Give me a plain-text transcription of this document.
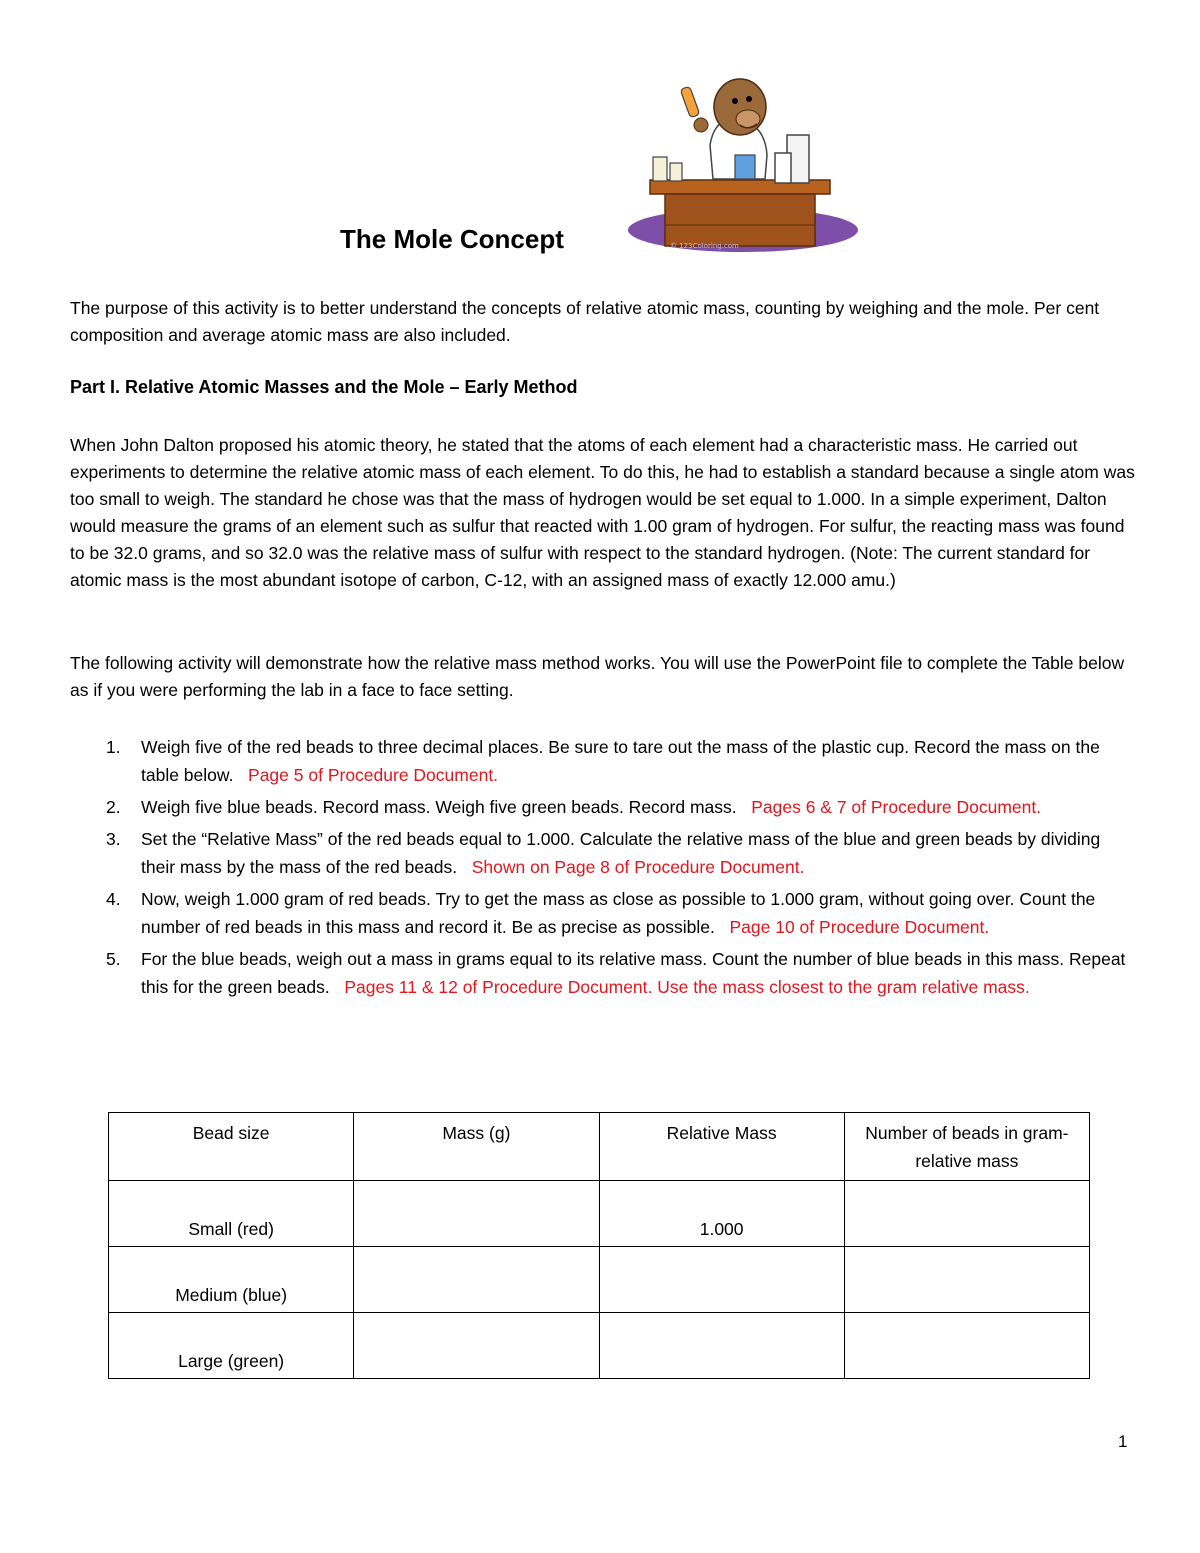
© 123Coloring.com
The Mole Concept

The purpose of this activity is to better understand the concepts of relative atomic mass, counting by weighing and the mole. Per cent composition and average atomic mass are also included.

Part I. Relative Atomic Masses and the Mole – Early Method

When John Dalton proposed his atomic theory, he stated that the atoms of each element had a characteristic mass. He carried out experiments to determine the relative atomic mass of each element. To do this, he had to establish a standard because a single atom was too small to weigh. The standard he chose was that the mass of hydrogen would be set equal to 1.000. In a simple experiment, Dalton would measure the grams of an element such as sulfur that reacted with 1.00 gram of hydrogen. For sulfur, the reacting mass was found to be 32.0 grams, and so 32.0 was the relative mass of sulfur with respect to the standard hydrogen. (Note: The current standard for atomic mass is the most abundant isotope of carbon, C-12, with an assigned mass of exactly 12.000 amu.)

The following activity will demonstrate how the relative mass method works. You will use the PowerPoint file to complete the Table below as if you were performing the lab in a face to face setting.

1. Weigh five of the red beads to three decimal places. Be sure to tare out the mass of the plastic cup. Record the mass on the table below. Page 5 of Procedure Document.
2. Weigh five blue beads. Record mass. Weigh five green beads. Record mass. Pages 6 & 7 of Procedure Document.
3. Set the “Relative Mass” of the red beads equal to 1.000. Calculate the relative mass of the blue and green beads by dividing their mass by the mass of the red beads. Shown on Page 8 of Procedure Document.
4. Now, weigh 1.000 gram of red beads. Try to get the mass as close as possible to 1.000 gram, without going over. Count the number of red beads in this mass and record it. Be as precise as possible. Page 10 of Procedure Document.
5. For the blue beads, weigh out a mass in grams equal to its relative mass. Count the number of blue beads in this mass. Repeat this for the green beads. Pages 11 & 12 of Procedure Document. Use the mass closest to the gram relative mass.
Bead size	Mass (g)	Relative Mass	Number of beads in gram-relative mass
Small (red)		1.000	
Medium (blue)			
Large (green)			
1
